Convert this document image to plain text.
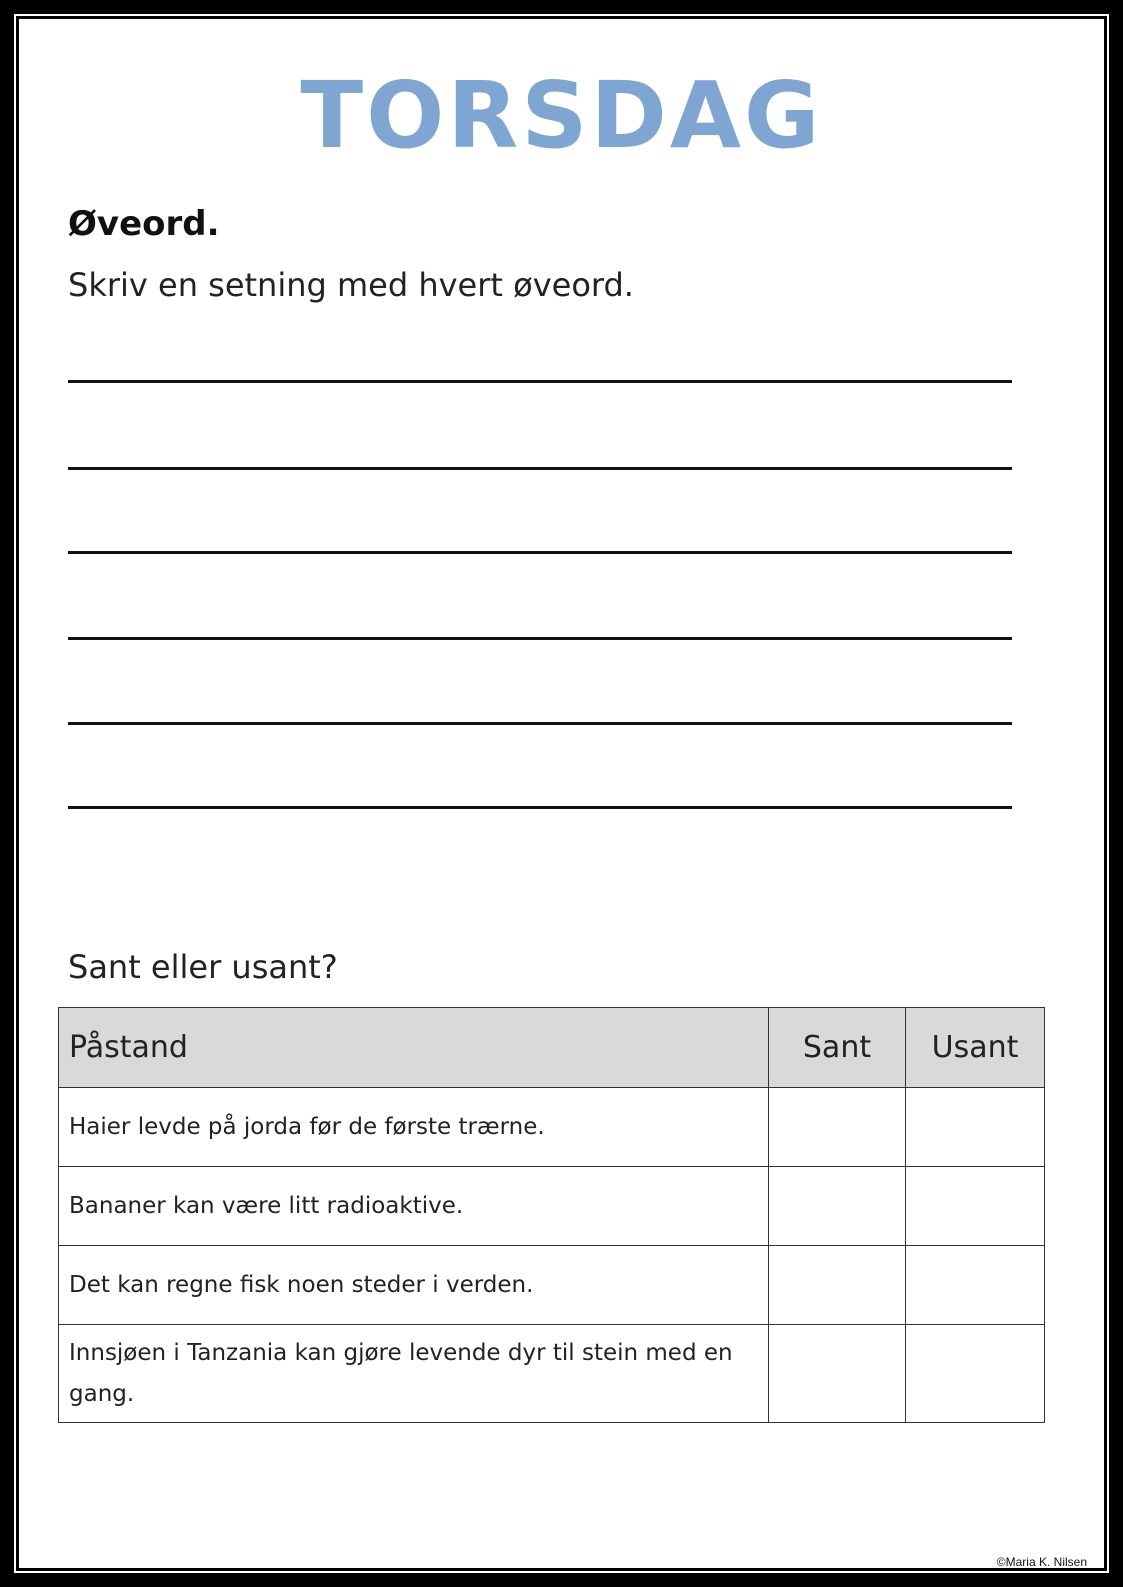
TORSDAG
Øveord.
Skriv en setning med hvert øveord.
Sant eller usant?
Påstand	Sant	Usant
Haier levde på jorda før de første trærne.		
Bananer kan være litt radioaktive.		
Det kan regne fisk noen steder i verden.		
Innsjøen i Tanzania kan gjøre levende dyr til stein med en gang.		
©Maria K. Nilsen
